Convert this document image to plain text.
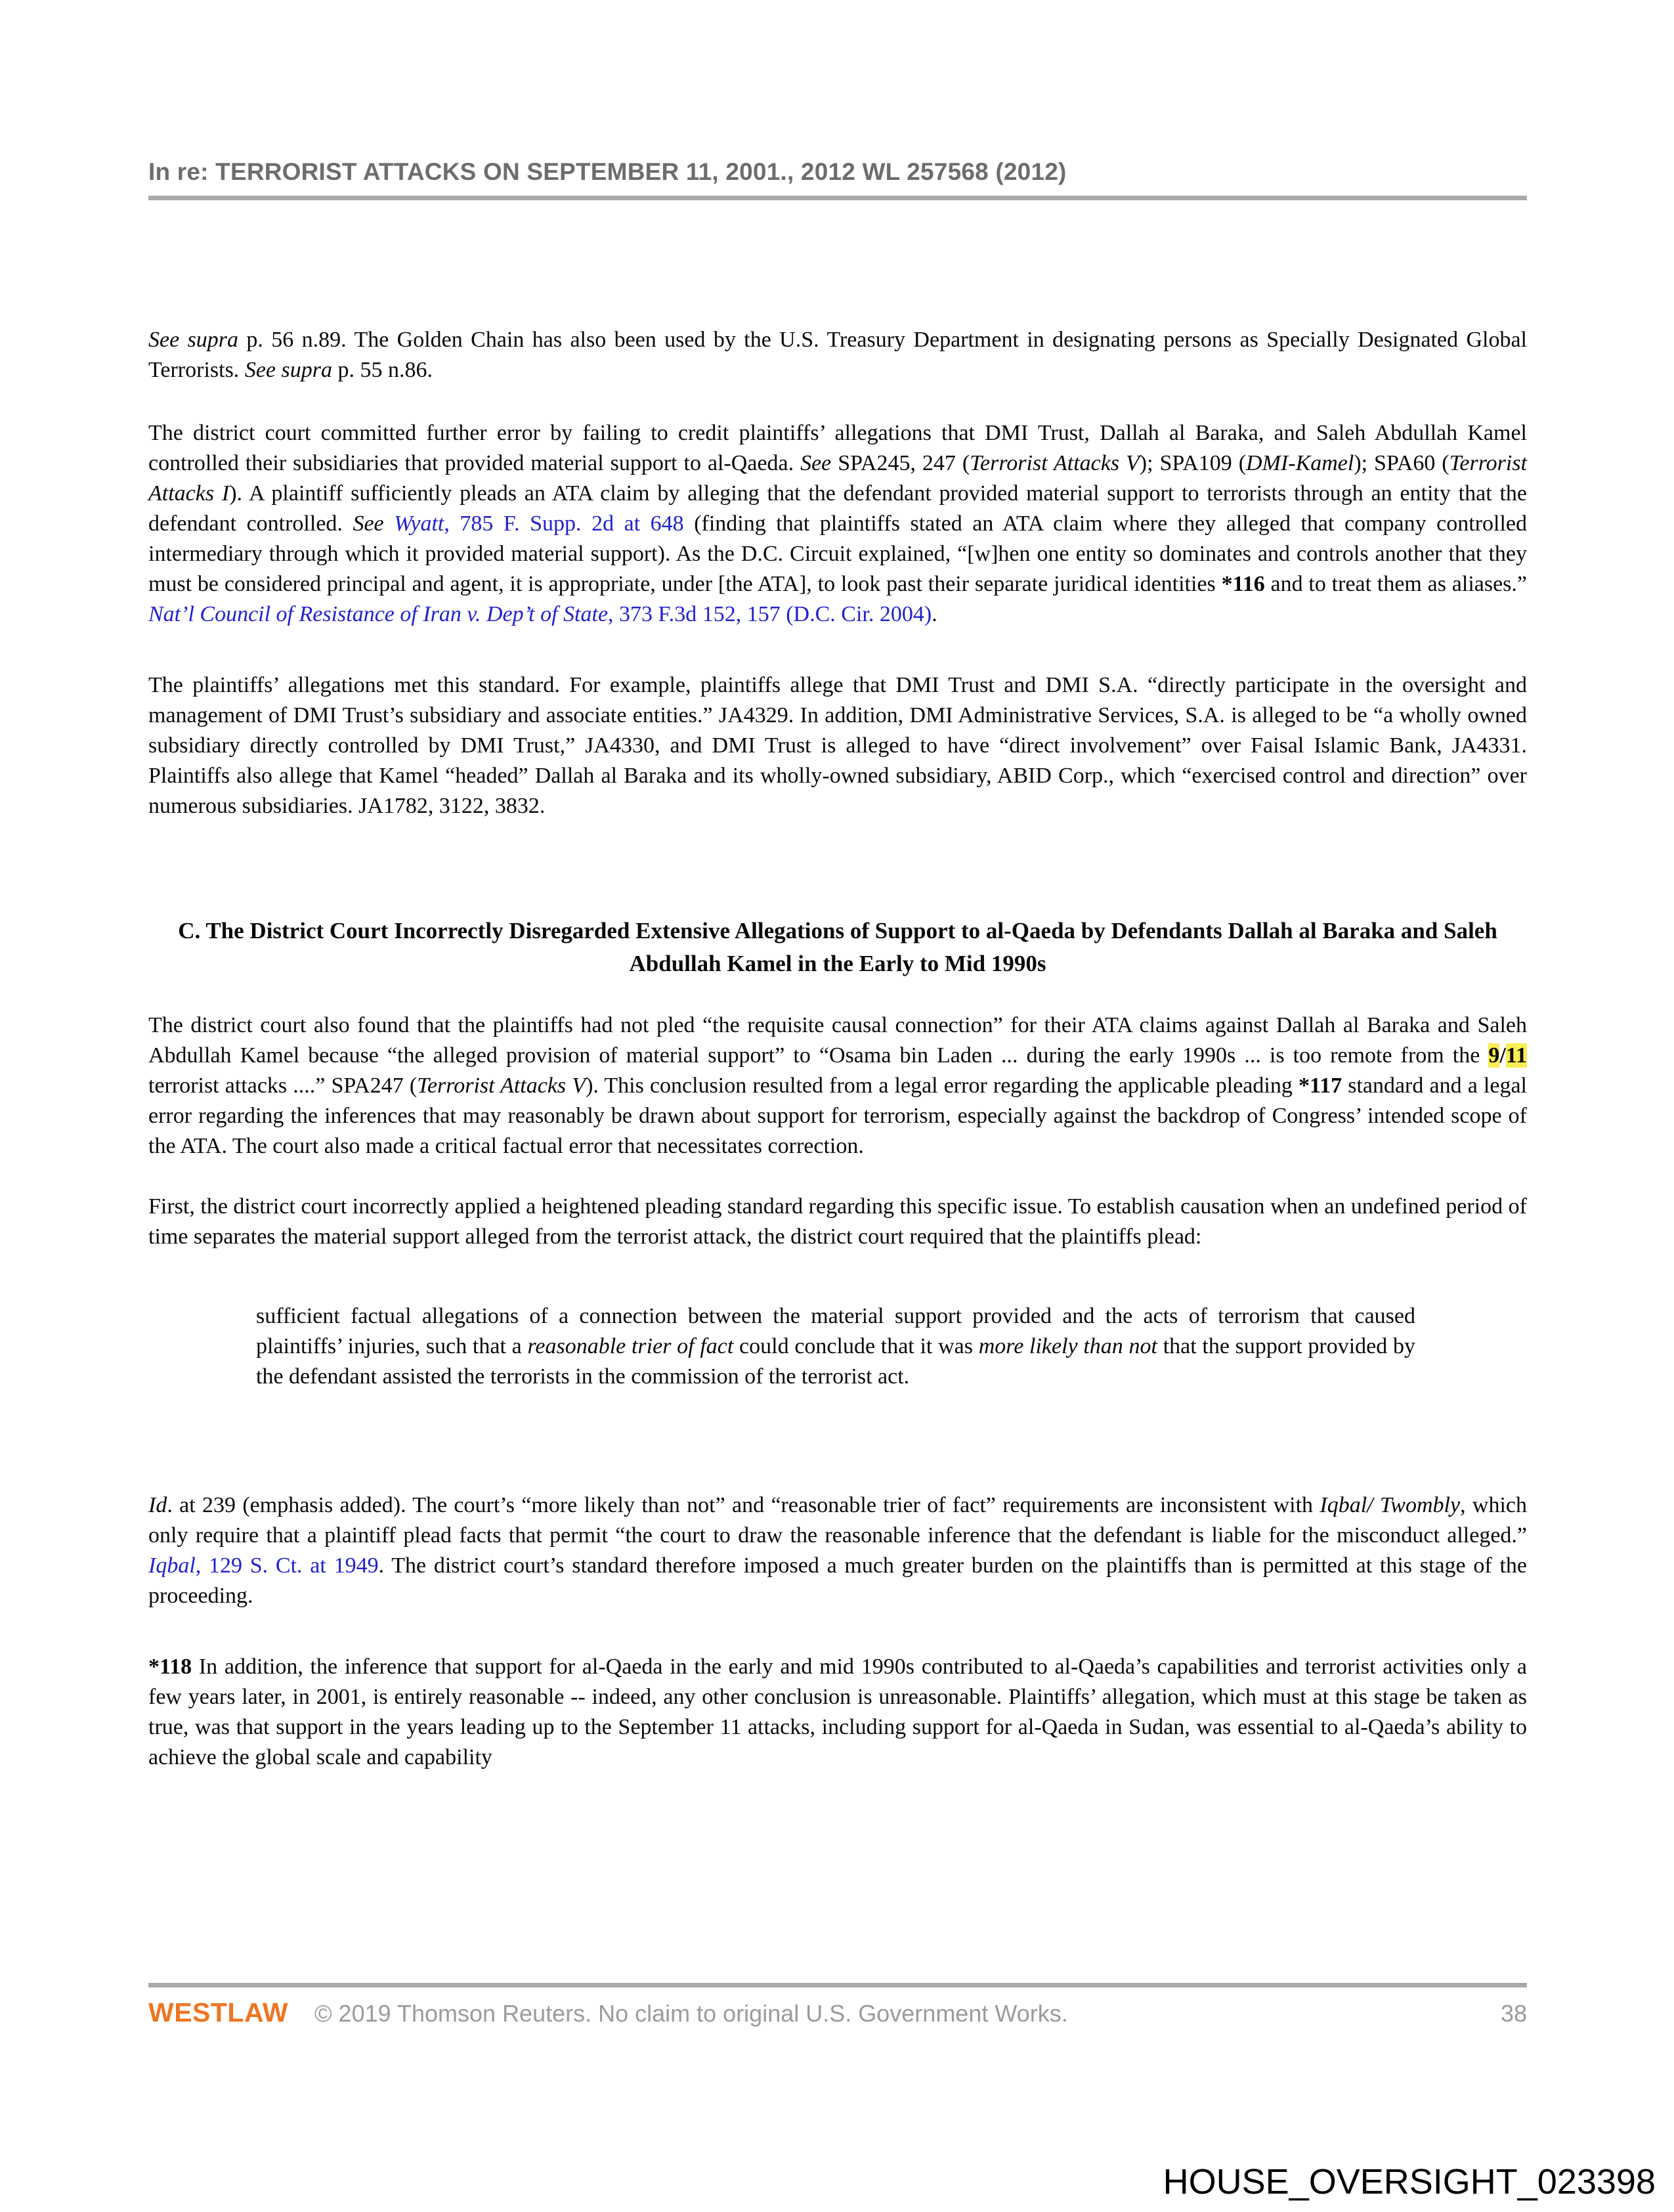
In re: TERRORIST ATTACKS ON SEPTEMBER 11, 2001., 2012 WL 257568 (2012)

See supra p. 56 n.89. The Golden Chain has also been used by the U.S. Treasury Department in designating persons as Specially Designated Global Terrorists. See supra p. 55 n.86.

The district court committed further error by failing to credit plaintiffs’ allegations that DMI Trust, Dallah al Baraka, and Saleh Abdullah Kamel controlled their subsidiaries that provided material support to al-Qaeda. See SPA245, 247 (Terrorist Attacks V); SPA109 (DMI-Kamel); SPA60 (Terrorist Attacks I). A plaintiff sufficiently pleads an ATA claim by alleging that the defendant provided material support to terrorists through an entity that the defendant controlled. See Wyatt, 785 F. Supp. 2d at 648 (finding that plaintiffs stated an ATA claim where they alleged that company controlled intermediary through which it provided material support). As the D.C. Circuit explained, “[w]hen one entity so dominates and controls another that they must be considered principal and agent, it is appropriate, under [the ATA], to look past their separate juridical identities *116 and to treat them as aliases.” Nat’l Council of Resistance of Iran v. Dep’t of State, 373 F.3d 152, 157 (D.C. Cir. 2004).

The plaintiffs’ allegations met this standard. For example, plaintiffs allege that DMI Trust and DMI S.A. “directly participate in the oversight and management of DMI Trust’s subsidiary and associate entities.” JA4329. In addition, DMI Administrative Services, S.A. is alleged to be “a wholly owned subsidiary directly controlled by DMI Trust,” JA4330, and DMI Trust is alleged to have “direct involvement” over Faisal Islamic Bank, JA4331. Plaintiffs also allege that Kamel “headed” Dallah al Baraka and its wholly-owned subsidiary, ABID Corp., which “exercised control and direction” over numerous subsidiaries. JA1782, 3122, 3832.

C. The District Court Incorrectly Disregarded Extensive Allegations of Support to al-Qaeda by Defendants Dallah al Baraka and Saleh Abdullah Kamel in the Early to Mid 1990s

The district court also found that the plaintiffs had not pled “the requisite causal connection” for their ATA claims against Dallah al Baraka and Saleh Abdullah Kamel because “the alleged provision of material support” to “Osama bin Laden ... during the early 1990s ... is too remote from the 9/11 terrorist attacks ....” SPA247 (Terrorist Attacks V). This conclusion resulted from a legal error regarding the applicable pleading *117 standard and a legal error regarding the inferences that may reasonably be drawn about support for terrorism, especially against the backdrop of Congress’ intended scope of the ATA. The court also made a critical factual error that necessitates correction.

First, the district court incorrectly applied a heightened pleading standard regarding this specific issue. To establish causation when an undefined period of time separates the material support alleged from the terrorist attack, the district court required that the plaintiffs plead:

sufficient factual allegations of a connection between the material support provided and the acts of terrorism that caused plaintiffs’ injuries, such that a reasonable trier of fact could conclude that it was more likely than not that the support provided by the defendant assisted the terrorists in the commission of the terrorist act.

Id. at 239 (emphasis added). The court’s “more likely than not” and “reasonable trier of fact” requirements are inconsistent with Iqbal/ Twombly, which only require that a plaintiff plead facts that permit “the court to draw the reasonable inference that the defendant is liable for the misconduct alleged.” Iqbal, 129 S. Ct. at 1949. The district court’s standard therefore imposed a much greater burden on the plaintiffs than is permitted at this stage of the proceeding.

*118 In addition, the inference that support for al-Qaeda in the early and mid 1990s contributed to al-Qaeda’s capabilities and terrorist activities only a few years later, in 2001, is entirely reasonable -- indeed, any other conclusion is unreasonable. Plaintiffs’ allegation, which must at this stage be taken as true, was that support in the years leading up to the September 11 attacks, including support for al-Qaeda in Sudan, was essential to al-Qaeda’s ability to achieve the global scale and capability

WESTLAW © 2019 Thomson Reuters. No claim to original U.S. Government Works.	38
HOUSE_OVERSIGHT_023398
